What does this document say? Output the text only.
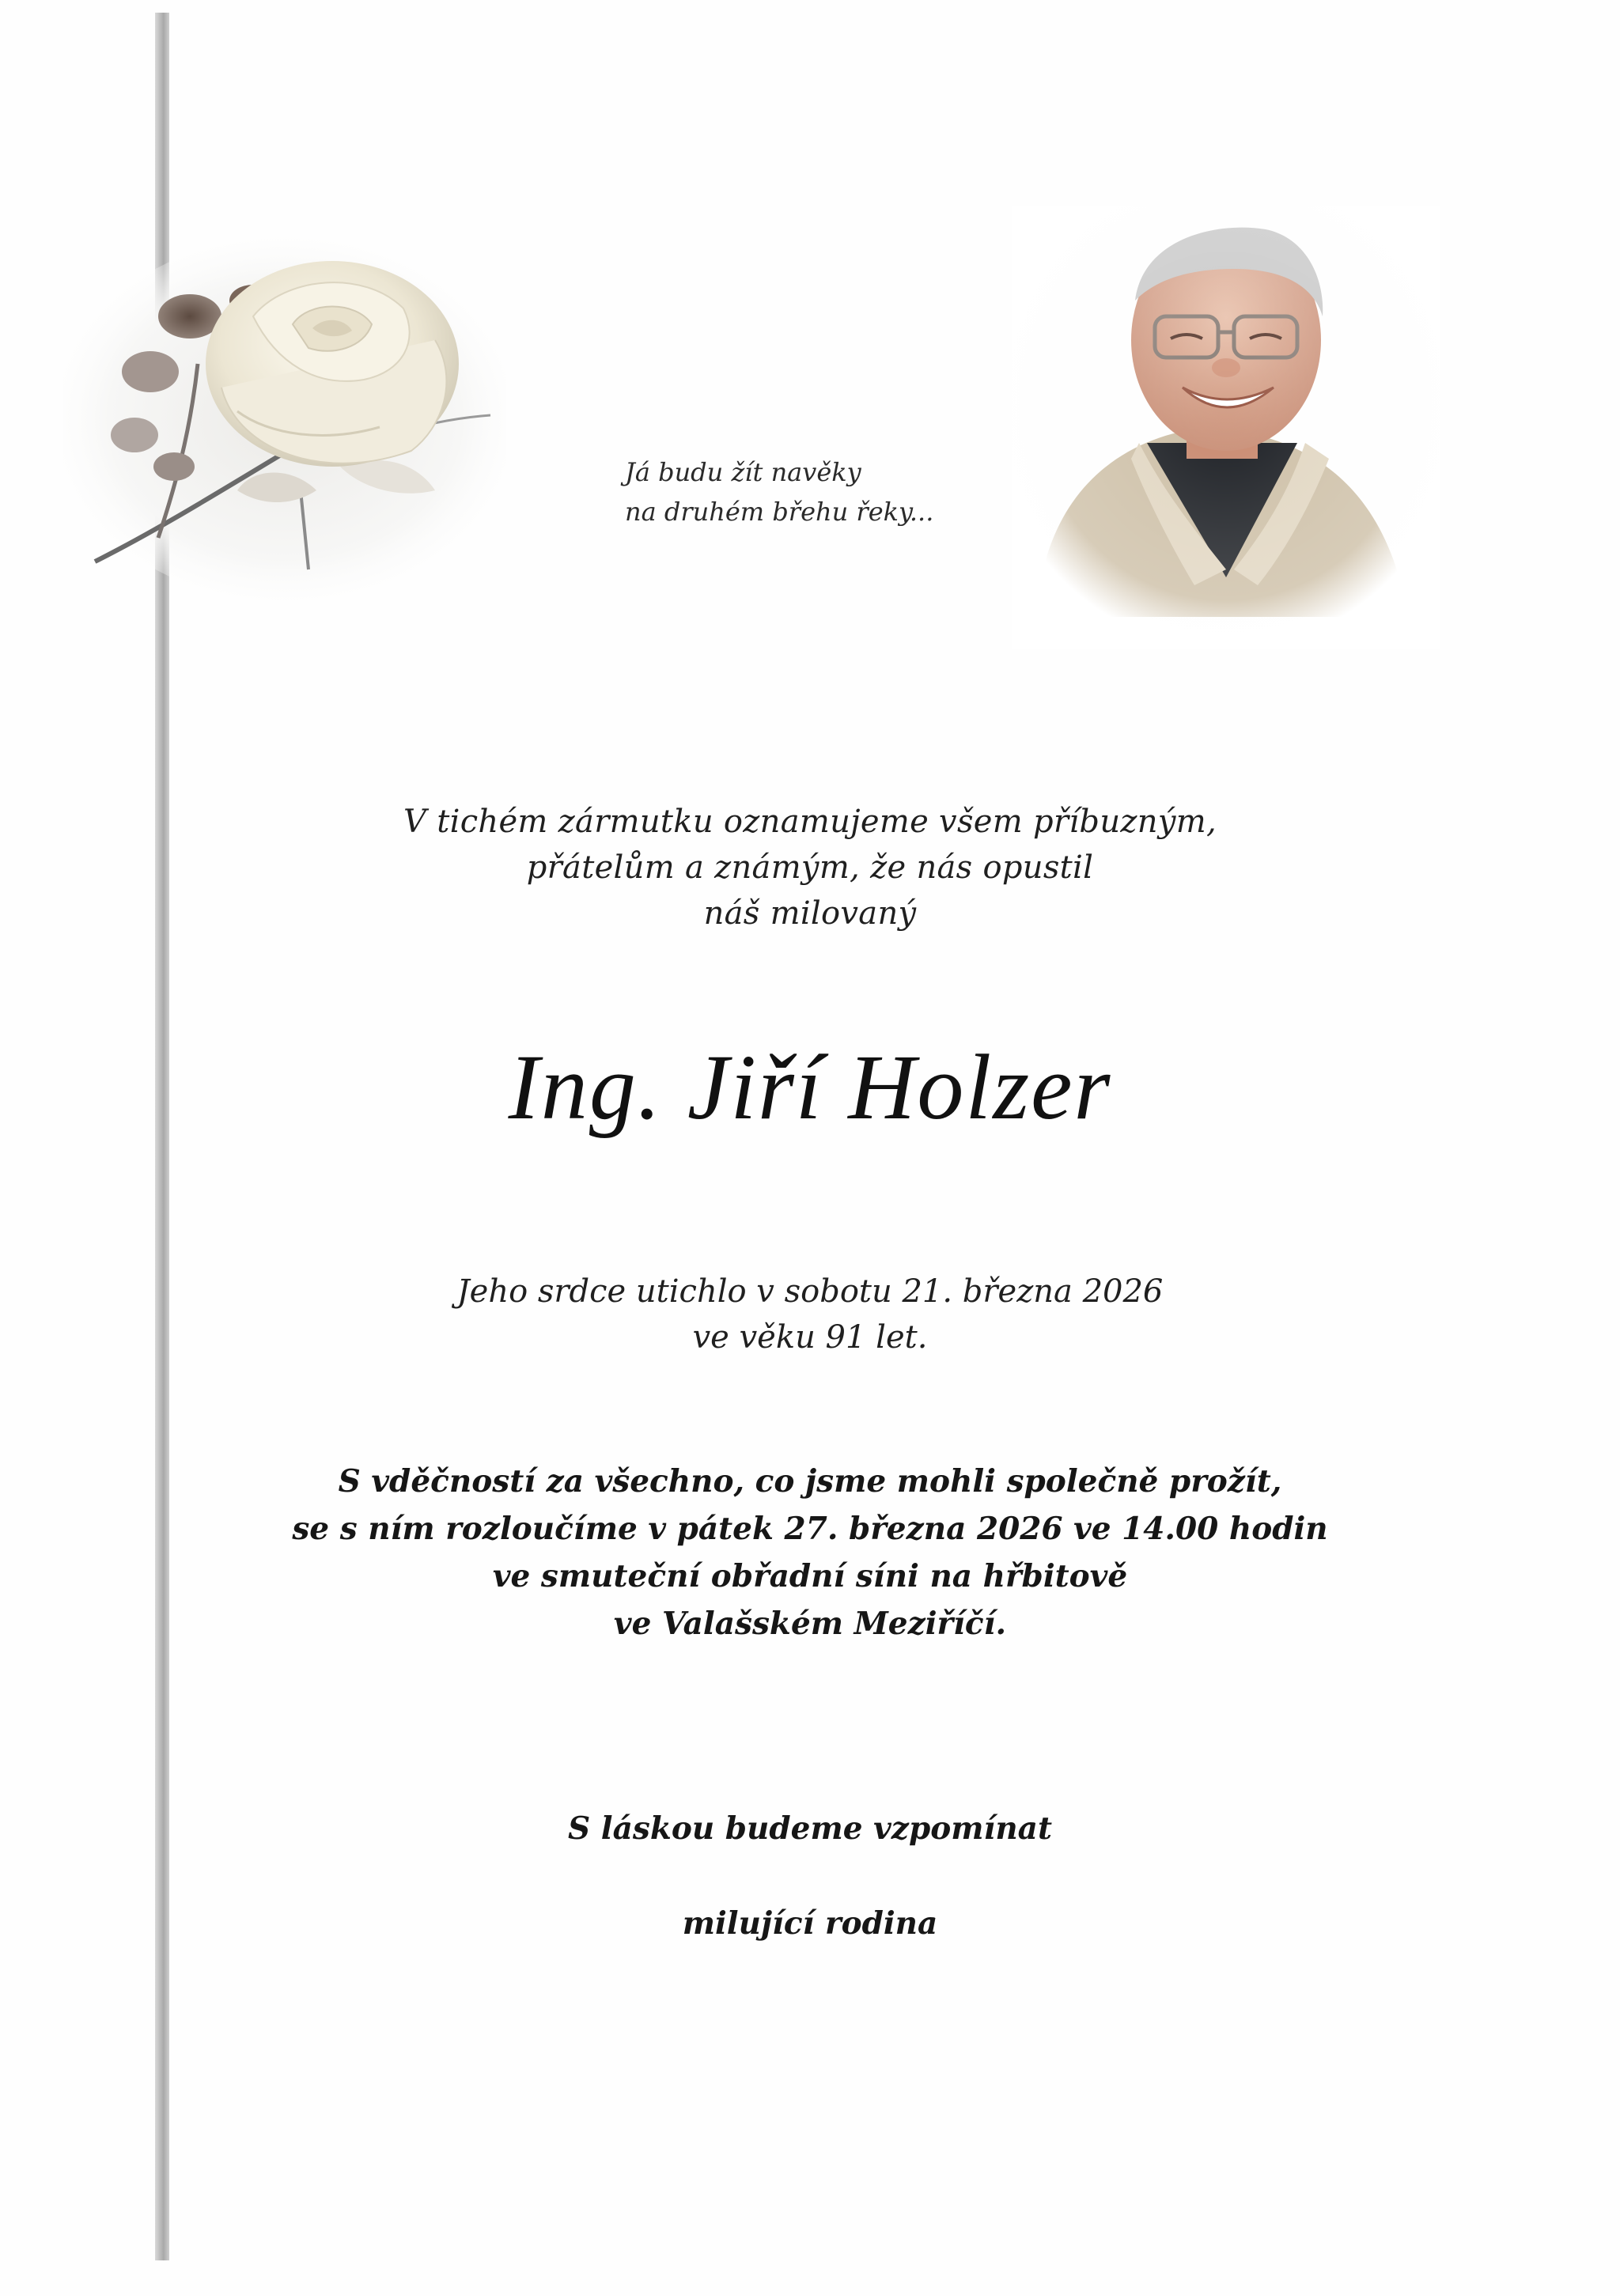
Já budu žít navěky
na druhém břehu řeky...
V tichém zármutku oznamujeme všem příbuzným,
přátelům a známým, že nás opustil
náš milovaný
Ing. Jiří Holzer
Jeho srdce utichlo v sobotu 21. března 2026
ve věku 91 let.
S vděčností za všechno, co jsme mohli společně prožít,
se s ním rozloučíme v pátek 27. března 2026 ve 14.00 hodin
ve smuteční obřadní síni na hřbitově
ve Valašském Meziříčí.
S láskou budeme vzpomínat
milující rodina
